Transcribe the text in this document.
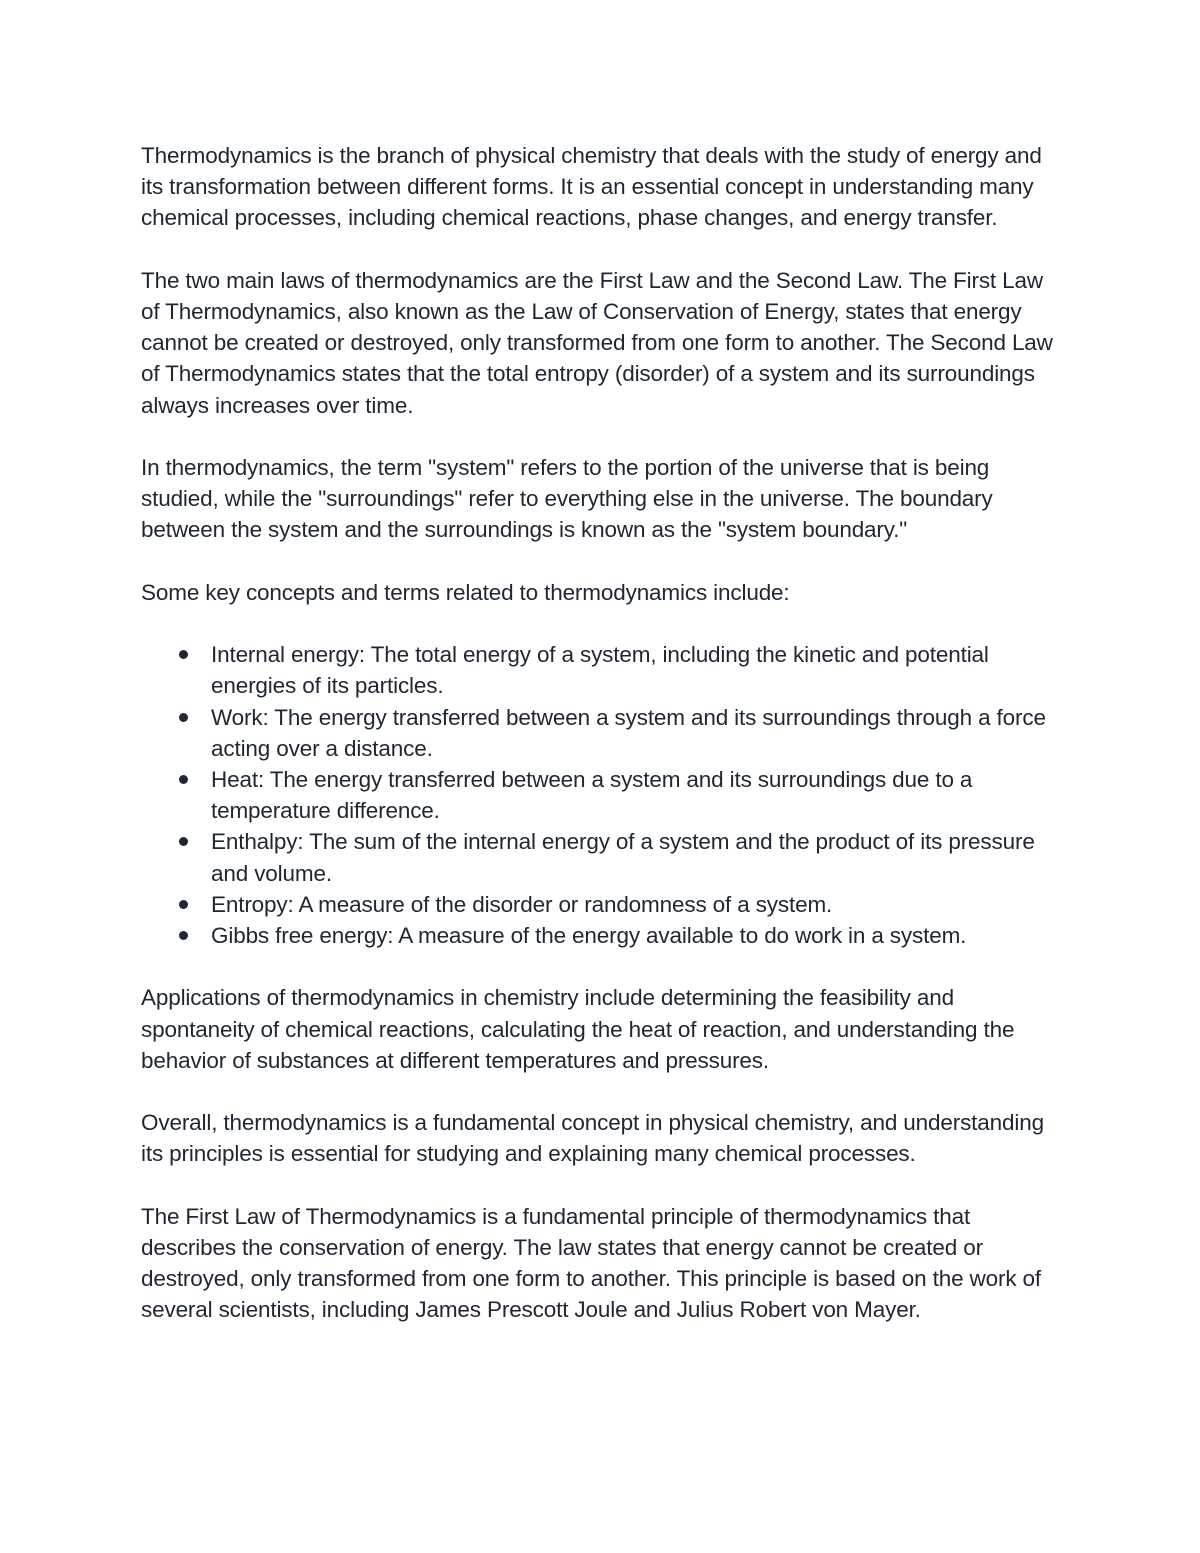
Thermodynamics is the branch of physical chemistry that deals with the study of energy and its transformation between different forms. It is an essential concept in understanding many chemical processes, including chemical reactions, phase changes, and energy transfer.

The two main laws of thermodynamics are the First Law and the Second Law. The First Law of Thermodynamics, also known as the Law of Conservation of Energy, states that energy cannot be created or destroyed, only transformed from one form to another. The Second Law of Thermodynamics states that the total entropy (disorder) of a system and its surroundings always increases over time.

In thermodynamics, the term "system" refers to the portion of the universe that is being studied, while the "surroundings" refer to everything else in the universe. The boundary between the system and the surroundings is known as the "system boundary."

Some key concepts and terms related to thermodynamics include:

Internal energy: The total energy of a system, including the kinetic and potential energies of its particles.
Work: The energy transferred between a system and its surroundings through a force acting over a distance.
Heat: The energy transferred between a system and its surroundings due to a temperature difference.
Enthalpy: The sum of the internal energy of a system and the product of its pressure and volume.
Entropy: A measure of the disorder or randomness of a system.
Gibbs free energy: A measure of the energy available to do work in a system.

Applications of thermodynamics in chemistry include determining the feasibility and spontaneity of chemical reactions, calculating the heat of reaction, and understanding the behavior of substances at different temperatures and pressures.

Overall, thermodynamics is a fundamental concept in physical chemistry, and understanding its principles is essential for studying and explaining many chemical processes.

The First Law of Thermodynamics is a fundamental principle of thermodynamics that describes the conservation of energy. The law states that energy cannot be created or destroyed, only transformed from one form to another. This principle is based on the work of several scientists, including James Prescott Joule and Julius Robert von Mayer.
